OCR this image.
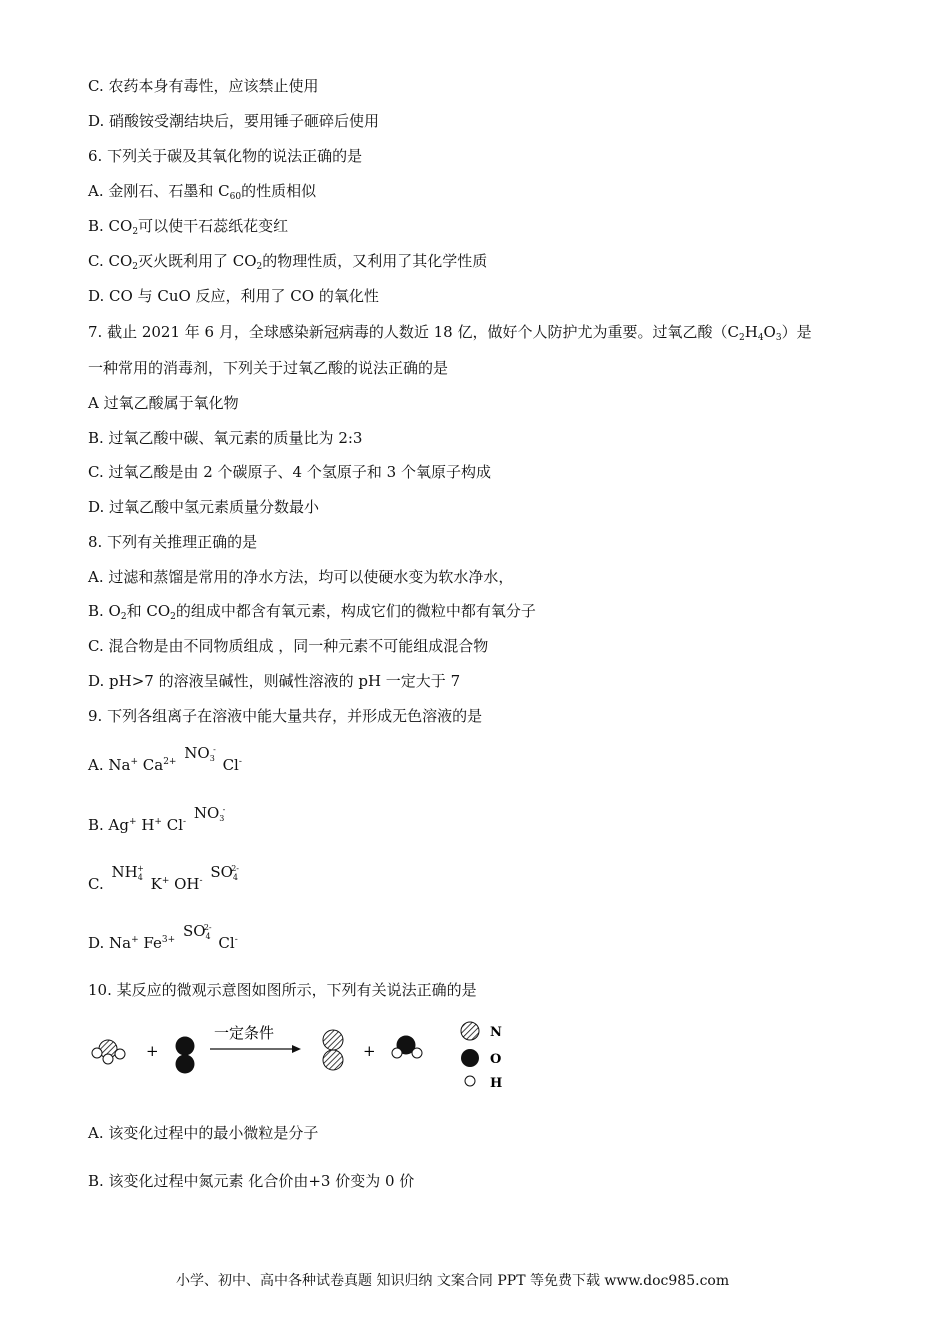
C. 农药本身有毒性，应该禁止使用
D. 硝酸铵受潮结块后，要用锤子砸碎后使用
6. 下列关于碳及其氧化物的说法正确的是
A. 金刚石、石墨和 $C_{60}$的性质相似
B. $CO_2$可以使干石蕊纸花变红
C. $CO_2$灭火既利用了 $CO_2$的物理性质，又利用了其化学性质
D. CO 与 CuO 反应，利用了 CO 的氧化性
7. 截止 2021 年 6 月，全球感染新冠病毒的人数近 18 亿，做好个人防护尤为重要。过氧乙酸$(C_2H_4O_3)$是
一种常用的消毒剂，下列关于过氧乙酸的说法正确的是
A 过氧乙酸属于氧化物
B. 过氧乙酸中碳、氧元素的质量比为 2:3
C. 过氧乙酸是由 2 个碳原子、4 个氢原子和 3 个氧原子构成
D. 过氧乙酸中氢元素质量分数最小
8. 下列有关推理正确的是
A. 过滤和蒸馏是常用的净水方法，均可以使硬水变为软水净水，
B. $O_2$和 $CO_2$的组成中都含有氧元素，构成它们的微粒中都有氧分子
C. 混合物是由不同物质组成 ，同一种元素不可能组成混合物
D. pH>7 的溶液呈碱性，则碱性溶液的 pH 一定大于 7
9. 下列各组离子在溶液中能大量共存，并形成无色溶液的是
A. Na+ $Ca^{2+}$ $NO_3$
-
Cl-
B. Ag+ H+ Cl- $NO_3$
-
C. $NH_4$
+
K+ OH- $SO_4$
2-
D. Na+ $Fe^{3+}$ $SO_4$
2-
Cl-
10. 某反应的微观示意图如图所示，下列有关说法正确的是
+
一定条件
+
N
O
H
A. 该变化过程中的最小微粒是分子
B. 该变化过程中氮元素 化合价由+3 价变为 0 价
小学、初中、高中各种试卷真题 知识归纳 文案合同 PPT 等免费下载 www.doc985.com
